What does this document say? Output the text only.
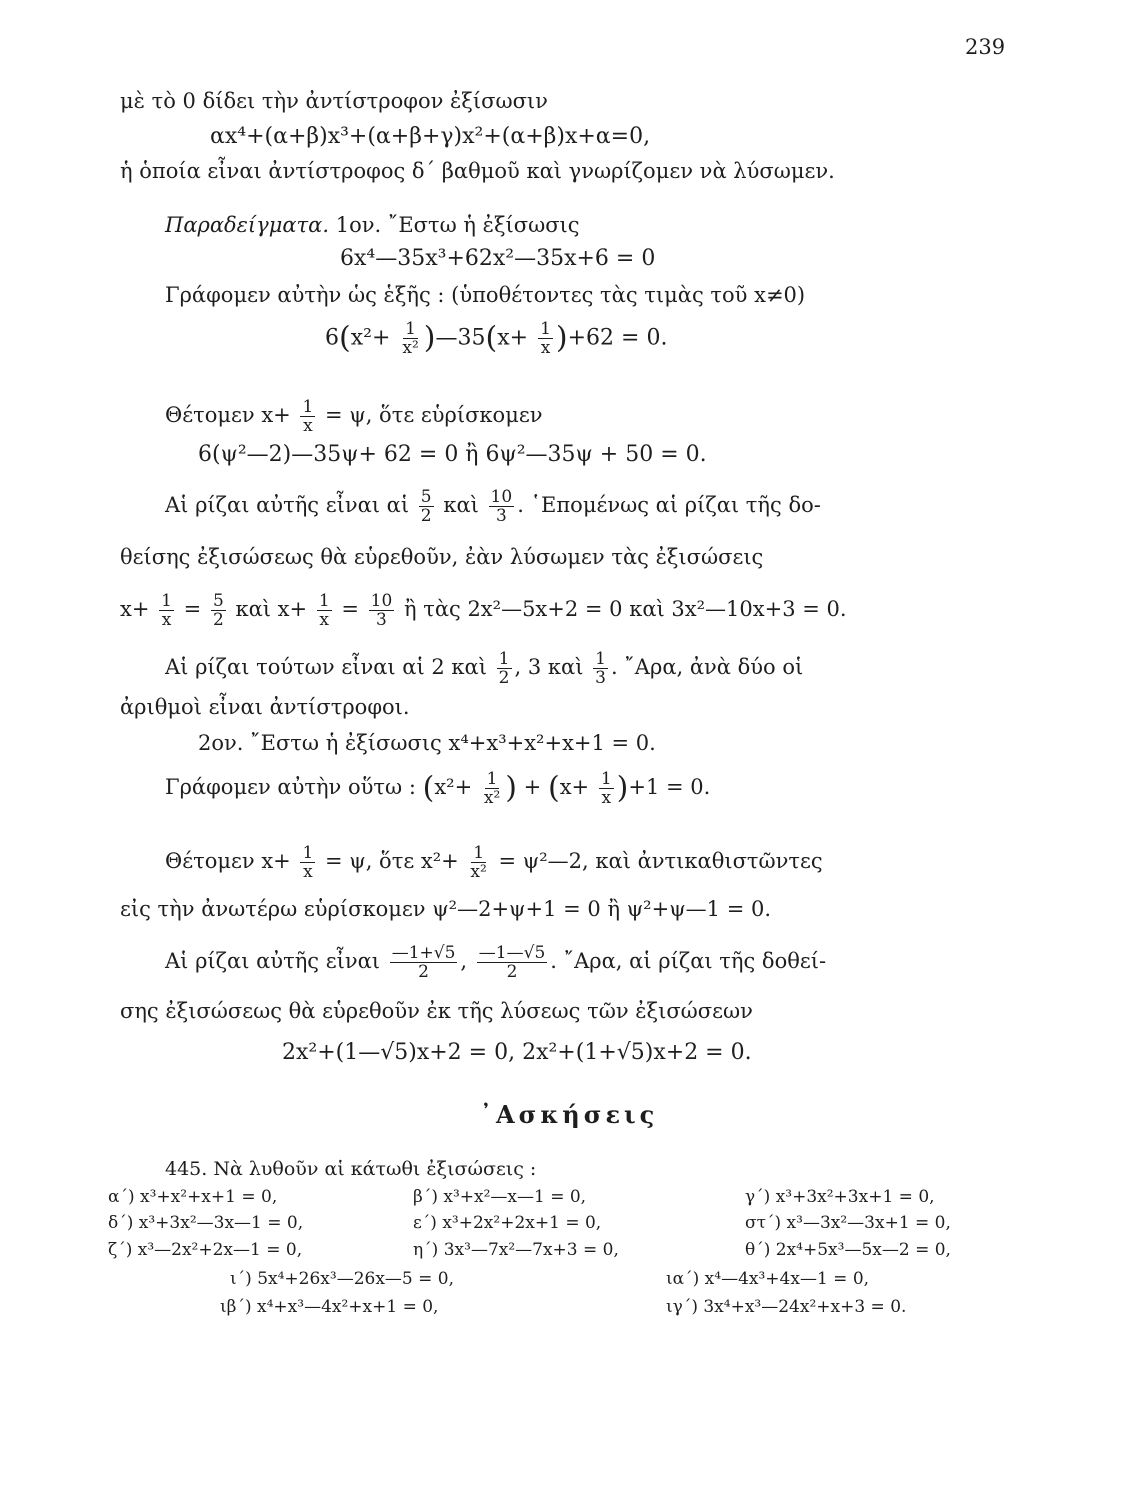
239
μὲ τὸ 0 δίδει τὴν ἀντίστροφον ἐξίσωσιν
αx⁴+(α+β)x³+(α+β+γ)x²+(α+β)x+α=0,
ἡ ὁποία εἶναι ἀντίστροφος δ΄ βαθμοῦ καὶ γνωρίζομεν νὰ λύσωμεν.
Παραδείγματα. 1ον. ῎Εστω ἡ ἐξίσωσις
6x⁴—35x³+62x²—35x+6 = 0
Γράφομεν αὐτὴν ὡς ἑξῆς : (ὑποθέτοντες τὰς τιμὰς τοῦ x≠0)
$6(x^2+ \frac{1}{\text{x²}}$ )—35(x+ $\frac{1}{x} )+62 = 0$.
Θέτομεν $x+ \frac{1}{x} = \psi$, ὅτε εὑρίσκομεν
6(ψ²—2)—35ψ+ 62 = 0 ἢ 6ψ²—35ψ + 50 = 0.
Αἱ ρίζαι αὐτῆς εἶναι αἱ $\frac{5}{2}$ καὶ $\frac{10}{3}$ . ῾Επομένως αἱ ρίζαι τῆς δο-
θείσης ἐξισώσεως θὰ εὑρεθοῦν, ἐὰν λύσωμεν τὰς ἐξισώσεις
$x+ \frac{1}{x} = \frac{5}{2}$ καὶ $x+ \frac{1}{x} = \frac{10}{3}$ ἢ τὰς 2x²—5x+2 = 0 καὶ 3x²—10x+3 = 0.
Αἱ ρίζαι τούτων εἶναι αἱ 2 καὶ $\frac{1}{2}$ , 3 καὶ $\frac{1}{3}$ . ῎Αρα, ἀνὰ δύο οἱ
ἀριθμοὶ εἶναι ἀντίστροφοι.
2ον. ῎Εστω ἡ ἐξίσωσις x⁴+x³+x²+x+1 = 0.
Γράφομεν αὐτὴν οὕτω : ($x^2+ \frac{1}{\text{x²}}$ ) + $(x+ \frac{1}{x} )+1 = 0$.
Θέτομεν $x+ \frac{1}{x} = \psi$, ὅτε $x^2+ \frac{1}{\text{x²}}$ = ψ²—2, καὶ ἀντικαθιστῶντες
εἰς τὴν ἀνωτέρω εὑρίσκομεν ψ²—2+ψ+1 = 0 ἢ ψ²+ψ—1 = 0.
Αἱ ρίζαι αὐτῆς εἶναι $\frac{—1+√5}{2}$ , $\frac{—1—√5}{2}$ . ῎Αρα, αἱ ρίζαι τῆς δοθεί-
σης ἐξισώσεως θὰ εὑρεθοῦν ἐκ τῆς λύσεως τῶν ἐξισώσεων
2x²+(1—√5)x+2 = 0, 2x²+(1+√5)x+2 = 0.
᾿Ασκήσεις
445. Νὰ λυθοῦν αἱ κάτωθι ἐξισώσεις :
α΄) x³+x²+x+1 = 0,	β΄) x³+x²—x—1 = 0,	γ΄) x³+3x²+3x+1 = 0,
δ΄) x³+3x²—3x—1 = 0,	ε΄) x³+2x²+2x+1 = 0,	στ΄) x³—3x²—3x+1 = 0,
ζ΄) x³—2x²+2x—1 = 0,	η΄) 3x³—7x²—7x+3 = 0,	θ΄) 2x⁴+5x³—5x—2 = 0,
ι΄) 5x⁴+26x³—26x—5 = 0,	ια΄) x⁴—4x³+4x—1 = 0,
ιβ΄) x⁴+x³—4x²+x+1 = 0,	ιγ΄) 3x⁴+x³—24x²+x+3 = 0.
